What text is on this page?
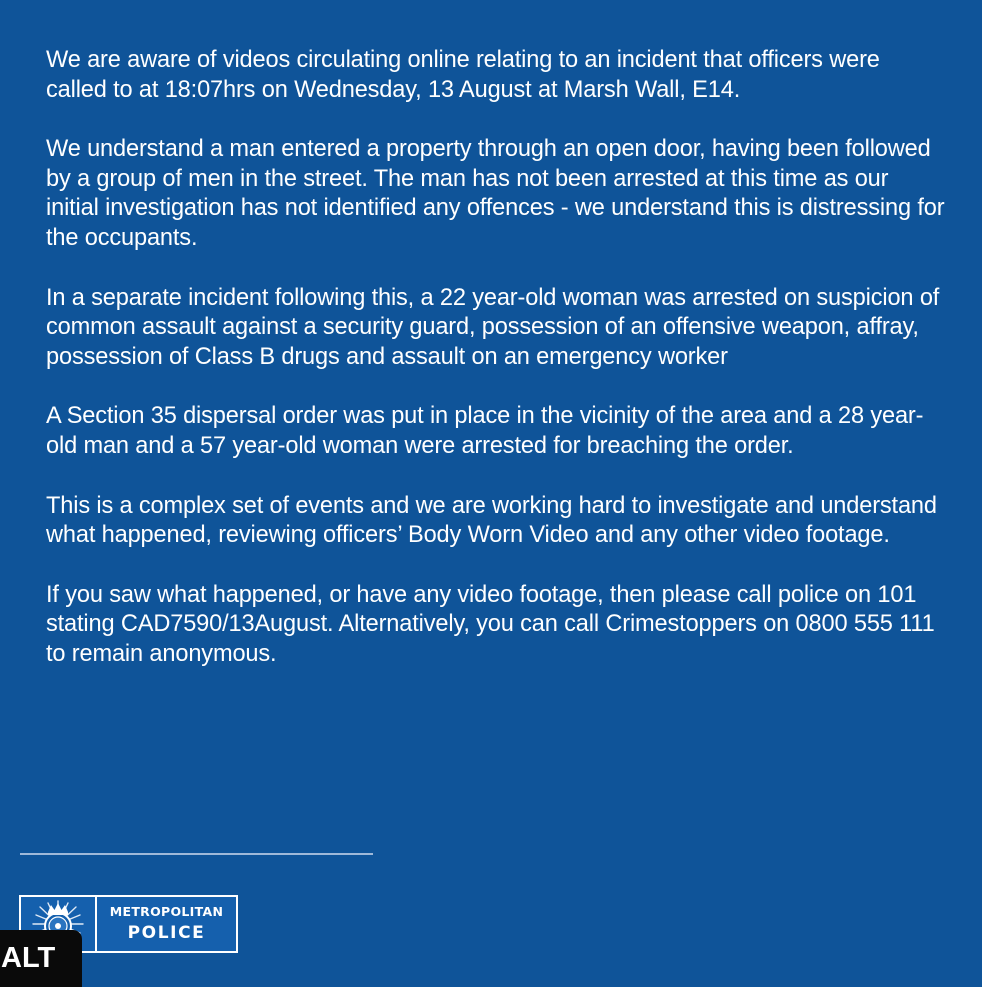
We are aware of videos circulating online relating to an incident that officers were called to at 18:07hrs on Wednesday, 13 August at Marsh Wall, E14.

We understand a man entered a property through an open door, having been followed by a group of men in the street. The man has not been arrested at this time as our initial investigation has not identified any offences - we understand this is distressing for the occupants.

In a separate incident following this, a 22 year-old woman was arrested on suspicion of common assault against a security guard, possession of an offensive weapon, affray, possession of Class B drugs and assault on an emergency worker

A Section 35 dispersal order was put in place in the vicinity of the area and a 28 year-old man and a 57 year-old woman were arrested for breaching the order.

This is a complex set of events and we are working hard to investigate and understand what happened, reviewing officers’ Body Worn Video and any other video footage.

If you saw what happened, or have any video footage, then please call police on 101 stating CAD7590/13August. Alternatively, you can call Crimestoppers on 0800 555 111 to remain anonymous.

METROPOLITAN
POLICE
ALT
